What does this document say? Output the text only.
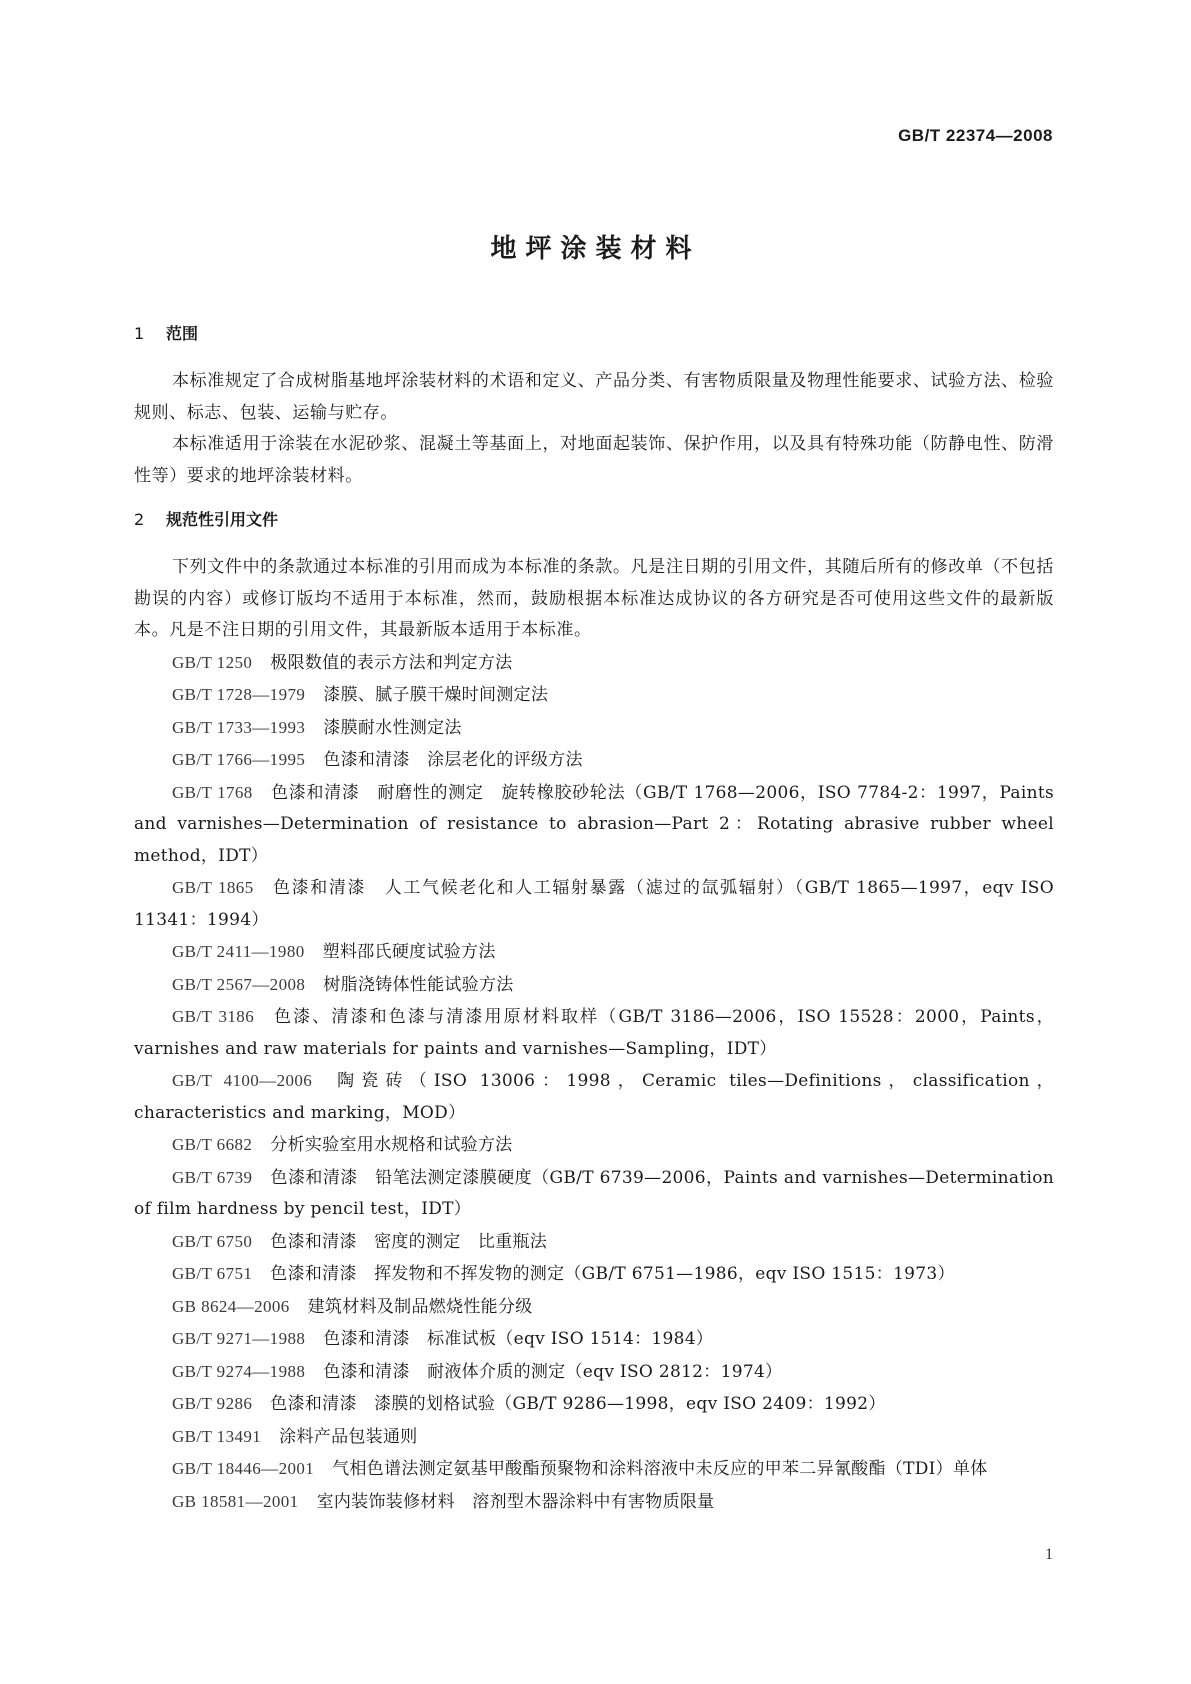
GB/T 22374—2008
地坪涂装材料
1 范围

本标准规定了合成树脂基地坪涂装材料的术语和定义、产品分类、有害物质限量及物理性能要求、试验方法、检验规则、标志、包装、运输与贮存。

本标准适用于涂装在水泥砂浆、混凝土等基面上，对地面起装饰、保护作用，以及具有特殊功能（防静电性、防滑性等）要求的地坪涂装材料。

2 规范性引用文件

下列文件中的条款通过本标准的引用而成为本标准的条款。凡是注日期的引用文件，其随后所有的修改单（不包括勘误的内容）或修订版均不适用于本标准，然而，鼓励根据本标准达成协议的各方研究是否可使用这些文件的最新版本。凡是不注日期的引用文件，其最新版本适用于本标准。

GB/T 1250 极限数值的表示方法和判定方法
GB/T 1728—1979 漆膜、腻子膜干燥时间测定法
GB/T 1733—1993 漆膜耐水性测定法
GB/T 1766—1995 色漆和清漆　涂层老化的评级方法
GB/T 1768 色漆和清漆　耐磨性的测定　旋转橡胶砂轮法（GB/T 1768—2006，ISO 7784-2：1997，Paints and varnishes—Determination of resistance to abrasion—Part 2：Rotating abrasive rubber wheel method，IDT）
GB/T 1865 色漆和清漆　人工气候老化和人工辐射暴露（滤过的氙弧辐射）（GB/T 1865—1997，eqv ISO 11341：1994）
GB/T 2411—1980 塑料邵氏硬度试验方法
GB/T 2567—2008 树脂浇铸体性能试验方法
GB/T 3186 色漆、清漆和色漆与清漆用原材料取样（GB/T 3186—2006，ISO 15528：2000，Paints，varnishes and raw materials for paints and varnishes—Sampling，IDT）
GB/T 4100—2006 陶瓷砖（ISO 13006：1998，Ceramic tiles—Definitions，classification，characteristics and marking，MOD）
GB/T 6682 分析实验室用水规格和试验方法
GB/T 6739 色漆和清漆　铅笔法测定漆膜硬度（GB/T 6739—2006，Paints and varnishes—Determination of film hardness by pencil test，IDT）
GB/T 6750 色漆和清漆　密度的测定　比重瓶法
GB/T 6751 色漆和清漆　挥发物和不挥发物的测定（GB/T 6751—1986，eqv ISO 1515：1973）
GB 8624—2006 建筑材料及制品燃烧性能分级
GB/T 9271—1988 色漆和清漆　标准试板（eqv ISO 1514：1984）
GB/T 9274—1988 色漆和清漆　耐液体介质的测定（eqv ISO 2812：1974）
GB/T 9286 色漆和清漆　漆膜的划格试验（GB/T 9286—1998，eqv ISO 2409：1992）
GB/T 13491 涂料产品包装通则
GB/T 18446—2001 气相色谱法测定氨基甲酸酯预聚物和涂料溶液中未反应的甲苯二异氰酸酯（TDI）单体
GB 18581—2001 室内装饰装修材料　溶剂型木器涂料中有害物质限量
1
